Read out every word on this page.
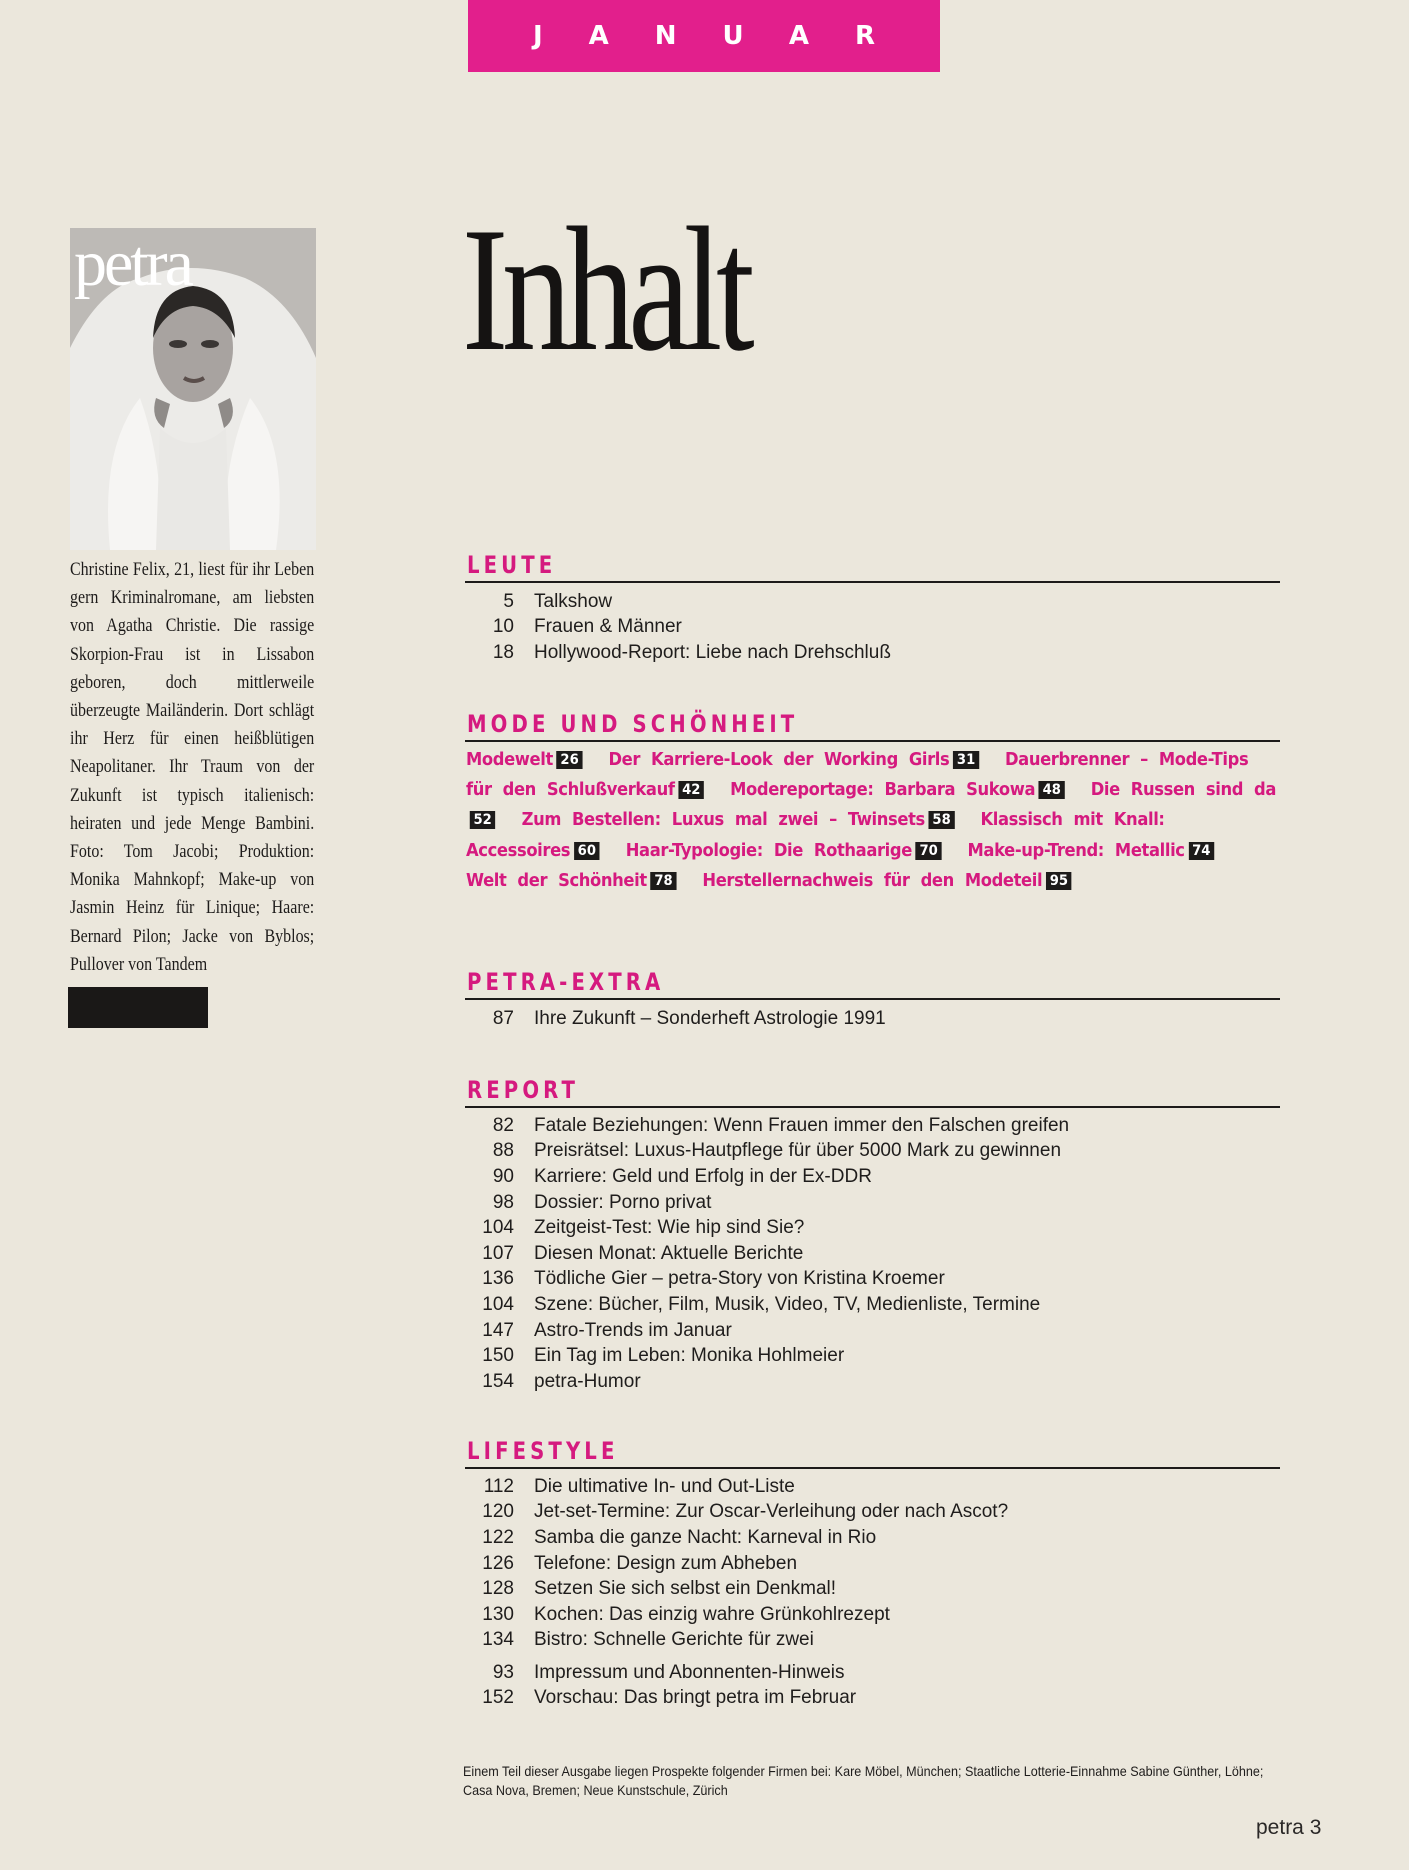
JANUAR
Inhalt
petra
Christine Felix, 21, liest für ihr Leben gern Kriminalromane, am liebsten von Agatha Christie. Die rassige Skorpion-Frau ist in Lissabon geboren, doch mittlerweile überzeugte Mailänderin. Dort schlägt ihr Herz für einen heißblütigen Neapolitaner. Ihr Traum von der Zukunft ist typisch italienisch: heiraten und jede Menge Bambini. Foto: Tom Jacobi; Produktion: Monika Mahnkopf; Make-up von Jasmin Heinz für Linique; Haare: Bernard Pilon; Jacke von Byblos; Pullover von Tandem
LEUTE
5	Talkshow
10	Frauen & Männer
18	Hollywood-Report: Liebe nach Drehschluß
MODE UND SCHÖNHEIT
Modewelt 26 Der Karriere-Look der Working Girls 31 Dauerbrenner – Mode-Tips für den Schlußverkauf 42 Modereportage: Barbara Sukowa 48 Die Russen sind da52 Zum Bestellen: Luxus mal zwei – Twinsets 58 Klassisch mit Knall: Accessoires 60 Haar-Typologie: Die Rothaarige 70 Make-up-Trend: Metallic 74 Welt der Schönheit 78 Herstellernachweis für den Modeteil 95
PETRA-EXTRA
87	Ihre Zukunft – Sonderheft Astrologie 1991
REPORT
82	Fatale Beziehungen: Wenn Frauen immer den Falschen greifen
88	Preisrätsel: Luxus-Hautpflege für über 5000 Mark zu gewinnen
90	Karriere: Geld und Erfolg in der Ex-DDR
98	Dossier: Porno privat
104	Zeitgeist-Test: Wie hip sind Sie?
107	Diesen Monat: Aktuelle Berichte
136	Tödliche Gier – petra-Story von Kristina Kroemer
104	Szene: Bücher, Film, Musik, Video, TV, Medienliste, Termine
147	Astro-Trends im Januar
150	Ein Tag im Leben: Monika Hohlmeier
154	petra-Humor
LIFESTYLE
112	Die ultimative In- und Out-Liste
120	Jet-set-Termine: Zur Oscar-Verleihung oder nach Ascot?
122	Samba die ganze Nacht: Karneval in Rio
126	Telefone: Design zum Abheben
128	Setzen Sie sich selbst ein Denkmal!
130	Kochen: Das einzig wahre Grünkohlrezept
134	Bistro: Schnelle Gerichte für zwei
93	Impressum und Abonnenten-Hinweis
152	Vorschau: Das bringt petra im Februar
Einem Teil dieser Ausgabe liegen Prospekte folgender Firmen bei: Kare Möbel, München; Staatliche Lotterie-Einnahme Sabine Günther, Löhne; Casa Nova, Bremen; Neue Kunstschule, Zürich
petra 3
